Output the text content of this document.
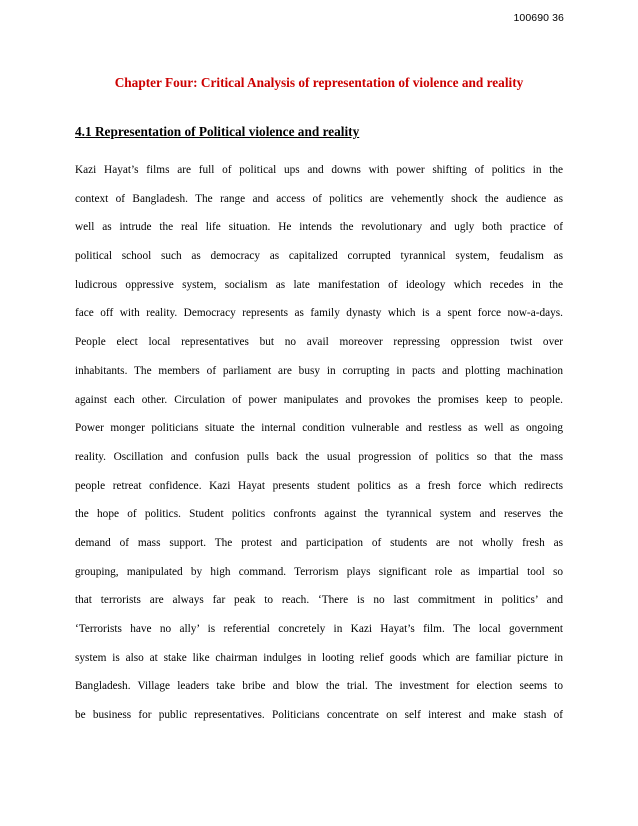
100690 36
Chapter Four: Critical Analysis of representation of violence and reality
4.1 Representation of Political violence and reality
Kazi Hayat’s films are full of political ups and downs with power shifting of politics in the
context of Bangladesh. The range and access of politics are vehemently shock the audience as
well as intrude the real life situation. He intends the revolutionary and ugly both practice of
political school such as democracy as capitalized corrupted tyrannical system, feudalism as
ludicrous oppressive system, socialism as late manifestation of ideology which recedes in the
face off with reality. Democracy represents as family dynasty which is a spent force now-a-days.
People elect local representatives but no avail moreover repressing oppression twist over
inhabitants. The members of parliament are busy in corrupting in pacts and plotting machination
against each other. Circulation of power manipulates and provokes the promises keep to people.
Power monger politicians situate the internal condition vulnerable and restless as well as ongoing
reality. Oscillation and confusion pulls back the usual progression of politics so that the mass
people retreat confidence. Kazi Hayat presents student politics as a fresh force which redirects
the hope of politics. Student politics confronts against the tyrannical system and reserves the
demand of mass support. The protest and participation of students are not wholly fresh as
grouping, manipulated by high command. Terrorism plays significant role as impartial tool so
that terrorists are always far peak to reach. ‘There is no last commitment in politics’ and
‘Terrorists have no ally’ is referential concretely in Kazi Hayat’s film. The local government
system is also at stake like chairman indulges in looting relief goods which are familiar picture in
Bangladesh. Village leaders take bribe and blow the trial. The investment for election seems to
be business for public representatives. Politicians concentrate on self interest and make stash of
